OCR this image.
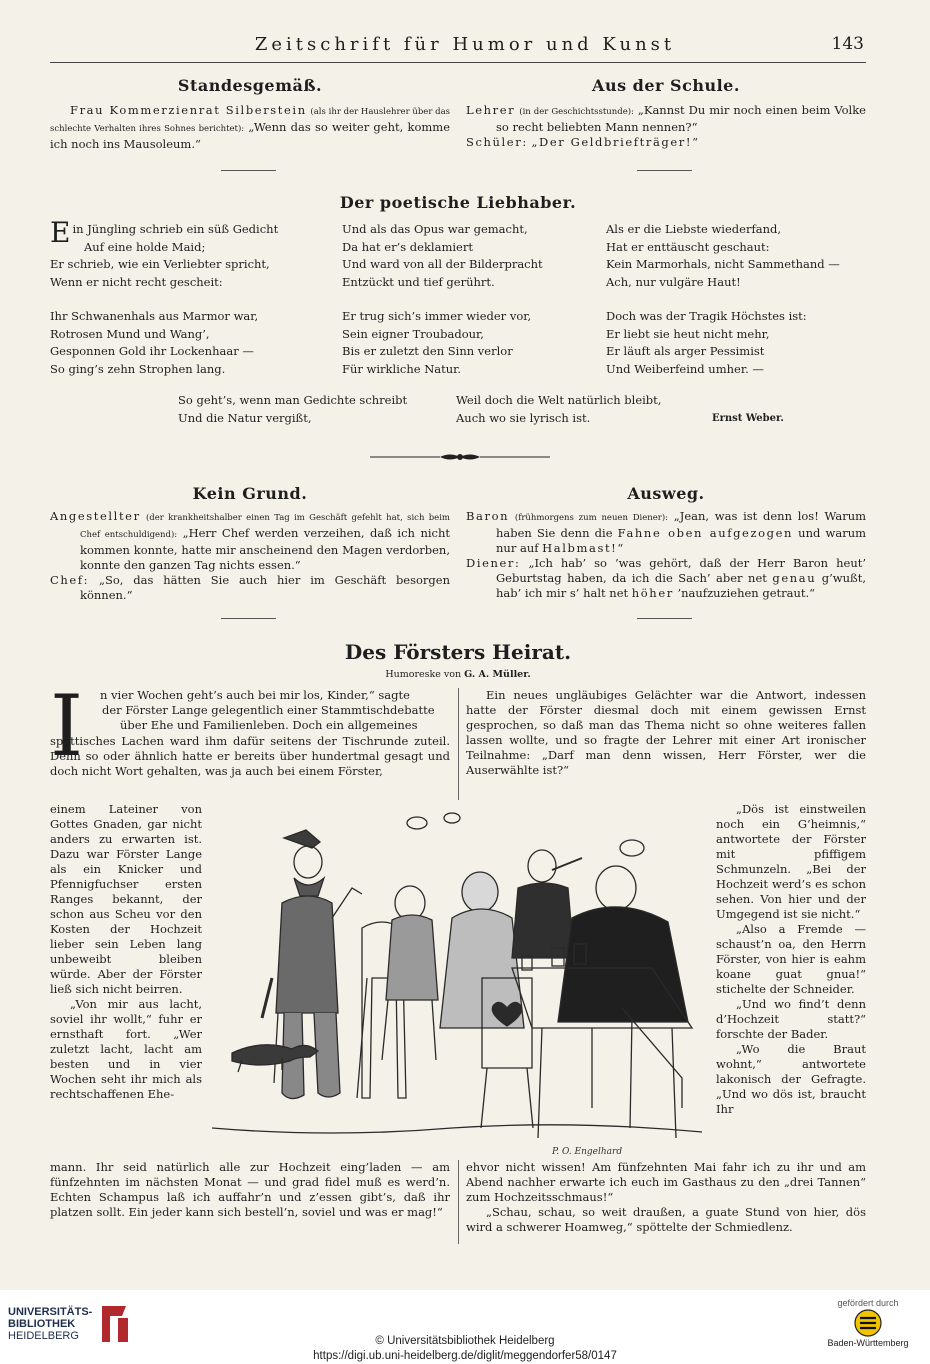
Zeitschrift für Humor und Kunst	143
Standesgemäß.

Frau Kommerzienrat Silberstein (als ihr der Hauslehrer über das schlechte Verhalten ihres Sohnes berichtet): „Wenn das so weiter geht, komme ich noch ins Mausoleum.“

Aus der Schule.

Lehrer (in der Geschichtsstunde): „Kannst Du mir noch einen beim Volke so recht beliebten Mann nennen?“

Schüler: „Der Geldbriefträger!“

Der poetische Liebhaber.
Ein Jüngling schrieb ein süß Gedicht
Auf eine holde Maid;
Er schrieb, wie ein Verliebter spricht,
Wenn er nicht recht gescheit:
Ihr Schwanenhals aus Marmor war,
Rotrosen Mund und Wang’,
Gesponnen Gold ihr Lockenhaar —
So ging’s zehn Strophen lang.
Und als das Opus war gemacht,
Da hat er’s deklamiert
Und ward von all der Bilderpracht
Entzückt und tief gerührt.
Er trug sich’s immer wieder vor,
Sein eigner Troubadour,
Bis er zuletzt den Sinn verlor
Für wirkliche Natur.
Als er die Liebste wiederfand,
Hat er enttäuscht geschaut:
Kein Marmorhals, nicht Sammethand —
Ach, nur vulgäre Haut!
Doch was der Tragik Höchstes ist:
Er liebt sie heut nicht mehr,
Er läuft als arger Pessimist
Und Weiberfeind umher. —
So geht’s, wenn man Gedichte schreibt
Und die Natur vergißt,
Weil doch die Welt natürlich bleibt,
Auch wo sie lyrisch ist.	Ernst Weber.
Kein Grund.

Angestellter (der krankheitshalber einen Tag im Geschäft gefehlt hat, sich beim Chef entschuldigend): „Herr Chef werden verzeihen, daß ich nicht kommen konnte, hatte mir anscheinend den Magen verdorben, konnte den ganzen Tag nichts essen.“

Chef: „So, das hätten Sie auch hier im Geschäft besorgen können.“

Ausweg.

Baron (frühmorgens zum neuen Diener): „Jean, was ist denn los! Warum haben Sie denn die Fahne oben aufgezogen und warum nur auf Halbmast!“

Diener: „Ich hab’ so ’was gehört, daß der Herr Baron heut’ Geburtstag haben, da ich die Sach’ aber net genau g’wußt, hab’ ich mir s’ halt net höher ’naufzuziehen getraut.“

Des Försters Heirat.
Humoreske von G. A. Müller.
I n vier Wochen geht’s auch bei mir los, Kinder,“ sagte
der Förster Lange gelegentlich einer Stammtischdebatte
über Ehe und Familienleben. Doch ein allgemeines

spöttisches Lachen ward ihm dafür seitens der Tischrunde zuteil. Denn so oder ähnlich hatte er bereits über hundertmal gesagt und doch nicht Wort gehalten, was ja auch bei einem Förster,

Ein neues ungläubiges Gelächter war die Antwort, indessen hatte der Förster diesmal doch mit einem gewissen Ernst gesprochen, so daß man das Thema nicht so ohne weiteres fallen lassen wollte, und so fragte der Lehrer mit einer Art ironischer Teilnahme: „Darf man denn wissen, Herr Förster, wer die Auserwählte ist?“

einem Lateiner von Gottes Gnaden, gar nicht anders zu erwarten ist. Dazu war Förster Lange als ein Knicker und Pfennigfuchser ersten Ranges bekannt, der schon aus Scheu vor den Kosten der Hochzeit lieber sein Leben lang unbeweibt bleiben würde. Aber der Förster ließ sich nicht beirren.

„Von mir aus lacht, soviel ihr wollt,“ fuhr er ernsthaft fort. „Wer zuletzt lacht, lacht am besten und in vier Wochen seht ihr mich als rechtschaffenen Ehe-

„Dös ist einstweilen noch ein G’heimnis,“ antwortete der Förster mit pfiffigem Schmunzeln. „Bei der Hochzeit werd’s es schon sehen. Von hier und der Umgegend ist sie nicht.“

„Also a Fremde — schaust’n oa, den Herrn Förster, von hier is eahm koane guat gnua!“ stichelte der Schneider.

„Und wo find’t denn d’Hochzeit statt?“ forschte der Bader.

„Wo die Braut wohnt,“ antwortete lakonisch der Gefragte. „Und wo dös ist, braucht Ihr

P. O. Engelhard

mann. Ihr seid natürlich alle zur Hochzeit eing’laden — am fünfzehnten im nächsten Monat — und grad fidel muß es werd’n. Echten Schampus laß ich auffahr’n und z’essen gibt’s, daß ihr platzen sollt. Ein jeder kann sich bestell’n, soviel und was er mag!“

ehvor nicht wissen! Am fünfzehnten Mai fahr ich zu ihr und am Abend nachher erwarte ich euch im Gasthaus zu den „drei Tannen“ zum Hochzeitsschmaus!“

„Schau, schau, so weit draußen, a guate Stund von hier, dös wird a schwerer Hoamweg,“ spöttelte der Schmiedlenz.

UNIVERSITÄTS-
BIBLIOTHEK
HEIDELBERG	© Universitätsbibliothek Heidelberg
https://digi.ub.uni-heidelberg.de/diglit/meggendorfer58/0147
gefördert durch
Baden-Württemberg
